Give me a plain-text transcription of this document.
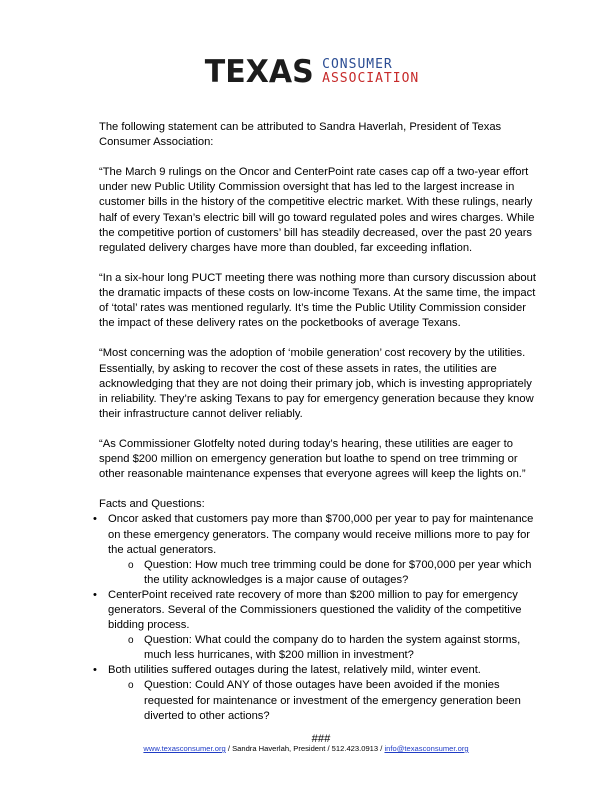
TEXAS CONSUMER
ASSOCIATION

The following statement can be attributed to Sandra Haverlah, President of Texas Consumer Association:

“The March 9 rulings on the Oncor and CenterPoint rate cases cap off a two-year effort under new Public Utility Commission oversight that has led to the largest increase in customer bills in the history of the competitive electric market. With these rulings, nearly half of every Texan’s electric bill will go toward regulated poles and wires charges. While the competitive portion of customers’ bill has steadily decreased, over the past 20 years regulated delivery charges have more than doubled, far exceeding inflation.

“In a six-hour long PUCT meeting there was nothing more than cursory discussion about the dramatic impacts of these costs on low-income Texans. At the same time, the impact of ‘total’ rates was mentioned regularly. It’s time the Public Utility Commission consider the impact of these delivery rates on the pocketbooks of average Texans.

“Most concerning was the adoption of ‘mobile generation’ cost recovery by the utilities. Essentially, by asking to recover the cost of these assets in rates, the utilities are acknowledging that they are not doing their primary job, which is investing appropriately in reliability. They’re asking Texans to pay for emergency generation because they know their infrastructure cannot deliver reliably.

“As Commissioner Glotfelty noted during today’s hearing, these utilities are eager to spend $200 million on emergency generation but loathe to spend on tree trimming or other reasonable maintenance expenses that everyone agrees will keep the lights on.”

Facts and Questions:

• Oncor asked that customers pay more than $700,000 per year to pay for maintenance on these emergency generators. The company would receive millions more to pay for the actual generators.
o Question: How much tree trimming could be done for $700,000 per year which the utility acknowledges is a major cause of outages?
• CenterPoint received rate recovery of more than $200 million to pay for emergency generators. Several of the Commissioners questioned the validity of the competitive bidding process.
o Question: What could the company do to harden the system against storms, much less hurricanes, with $200 million in investment?
• Both utilities suffered outages during the latest, relatively mild, winter event.
o Question: Could ANY of those outages have been avoided if the monies requested for maintenance or investment of the emergency generation been diverted to other actions?
###
www.texasconsumer.org / Sandra Haverlah, President / 512.423.0913 / info@texasconsumer.org
